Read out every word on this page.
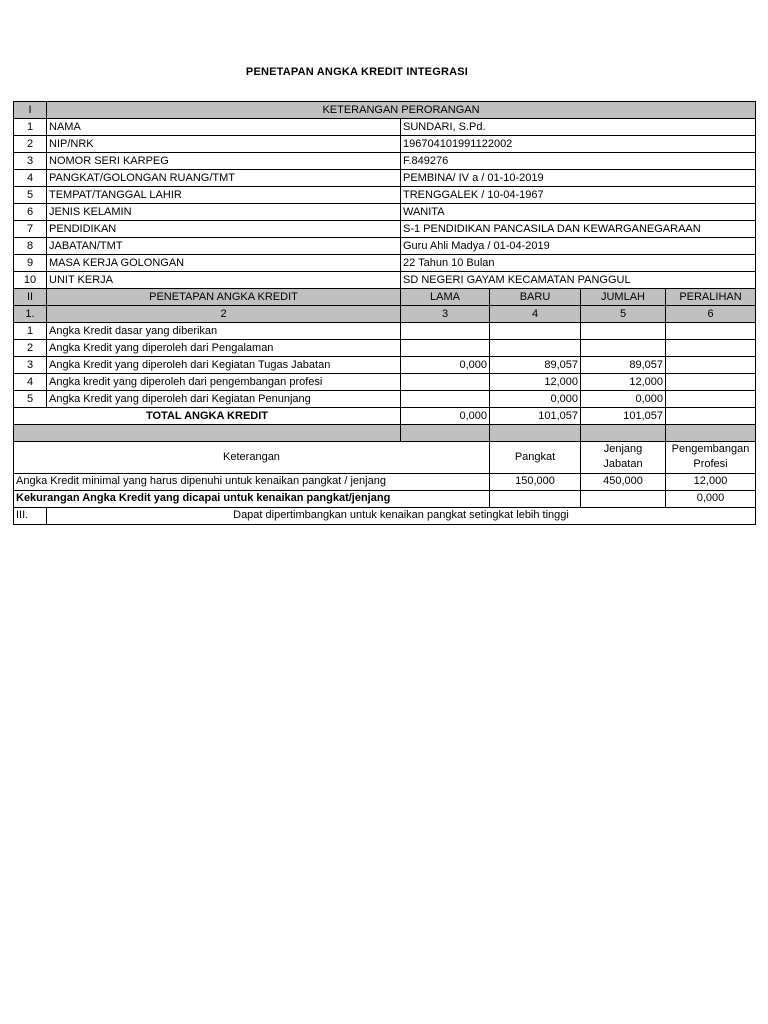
PENETAPAN ANGKA KREDIT INTEGRASI
I	KETERANGAN PERORANGAN				
1	NAMA	SUNDARI, S.Pd.			
2	NIP/NRK	196704101991122002			
3	NOMOR SERI KARPEG	F.849276			
4	PANGKAT/GOLONGAN RUANG/TMT	PEMBINA/ IV a / 01-10-2019			
5	TEMPAT/TANGGAL LAHIR	TRENGGALEK / 10-04-1967			
6	JENIS KELAMIN	WANITA			
7	PENDIDIKAN	S-1 PENDIDIKAN PANCASILA DAN KEWARGANEGARAAN			
8	JABATAN/TMT	Guru Ahli Madya / 01-04-2019			
9	MASA KERJA GOLONGAN	22 Tahun 10 Bulan			
10	UNIT KERJA	SD NEGERI GAYAM KECAMATAN PANGGUL			
II	PENETAPAN ANGKA KREDIT	LAMA	BARU	JUMLAH	PERALIHAN
1.	2	3	4	5	6
1	Angka Kredit dasar yang diberikan				
2	Angka Kredit yang diperoleh dari Pengalaman				
3	Angka Kredit yang diperoleh dari Kegiatan Tugas Jabatan	0,000	89,057	89,057	
4	Angka kredit yang diperoleh dari pengembangan profesi		12,000	12,000	
5	Angka Kredit yang diperoleh dari Kegiatan Penunjang		0,000	0,000	
TOTAL ANGKA KREDIT		0,000	101,057	101,057	

Keterangan			Pangkat	Jenjang Jabatan	Pengembangan Profesi
Angka Kredit minimal yang harus dipenuhi untuk kenaikan pangkat / jenjang			150,000	450,000	12,000
Kekurangan Angka Kredit yang dicapai untuk kenaikan pangkat/jenjang					0,000
III.	Dapat dipertimbangkan untuk kenaikan pangkat setingkat lebih tinggi				
